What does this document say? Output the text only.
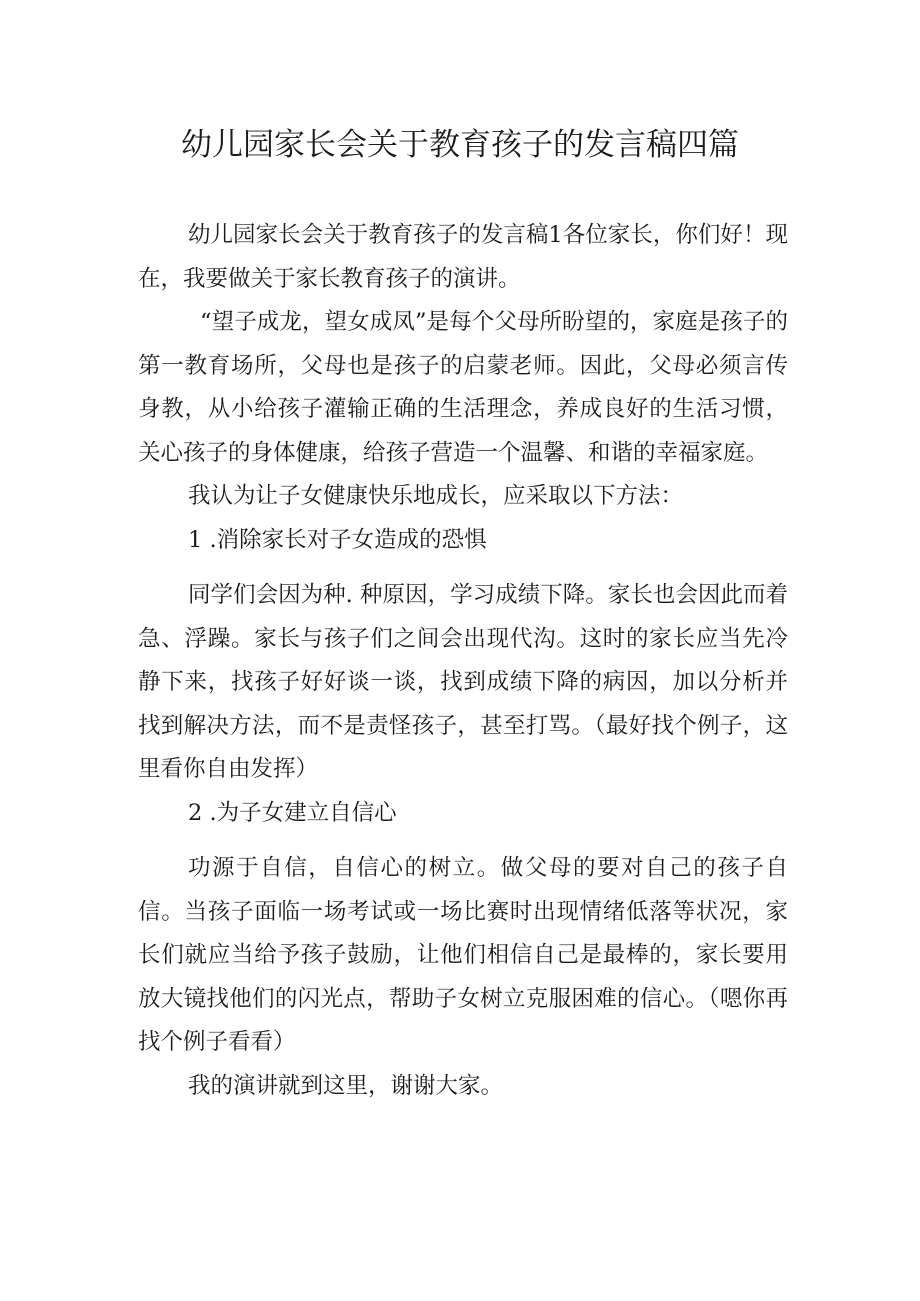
幼儿园家长会关于教育孩子的发言稿四篇

幼儿园家长会关于教育孩子的发言稿1各位家长，你们好！现在，我要做关于家长教育孩子的演讲。

“望子成龙，望女成凤”是每个父母所盼望的，家庭是孩子的第一教育场所，父母也是孩子的启蒙老师。因此，父母必须言传身教，从小给孩子灌输正确的生活理念，养成良好的生活习惯，关心孩子的身体健康，给孩子营造一个温馨、和谐的幸福家庭。

我认为让子女健康快乐地成长，应采取以下方法：

1 .消除家长对子女造成的恐惧

同学们会因为种. 种原因，学习成绩下降。家长也会因此而着急、浮躁。家长与孩子们之间会出现代沟。这时的家长应当先冷静下来，找孩子好好谈一谈，找到成绩下降的病因，加以分析并找到解决方法，而不是责怪孩子，甚至打骂。（最好找个例子，这里看你自由发挥）

2 .为子女建立自信心

功源于自信，自信心的树立。做父母的要对自己的孩子自信。当孩子面临一场考试或一场比赛时出现情绪低落等状况，家长们就应当给予孩子鼓励，让他们相信自己是最棒的，家长要用放大镜找他们的闪光点，帮助子女树立克服困难的信心。（嗯你再找个例子看看）

我的演讲就到这里，谢谢大家。
